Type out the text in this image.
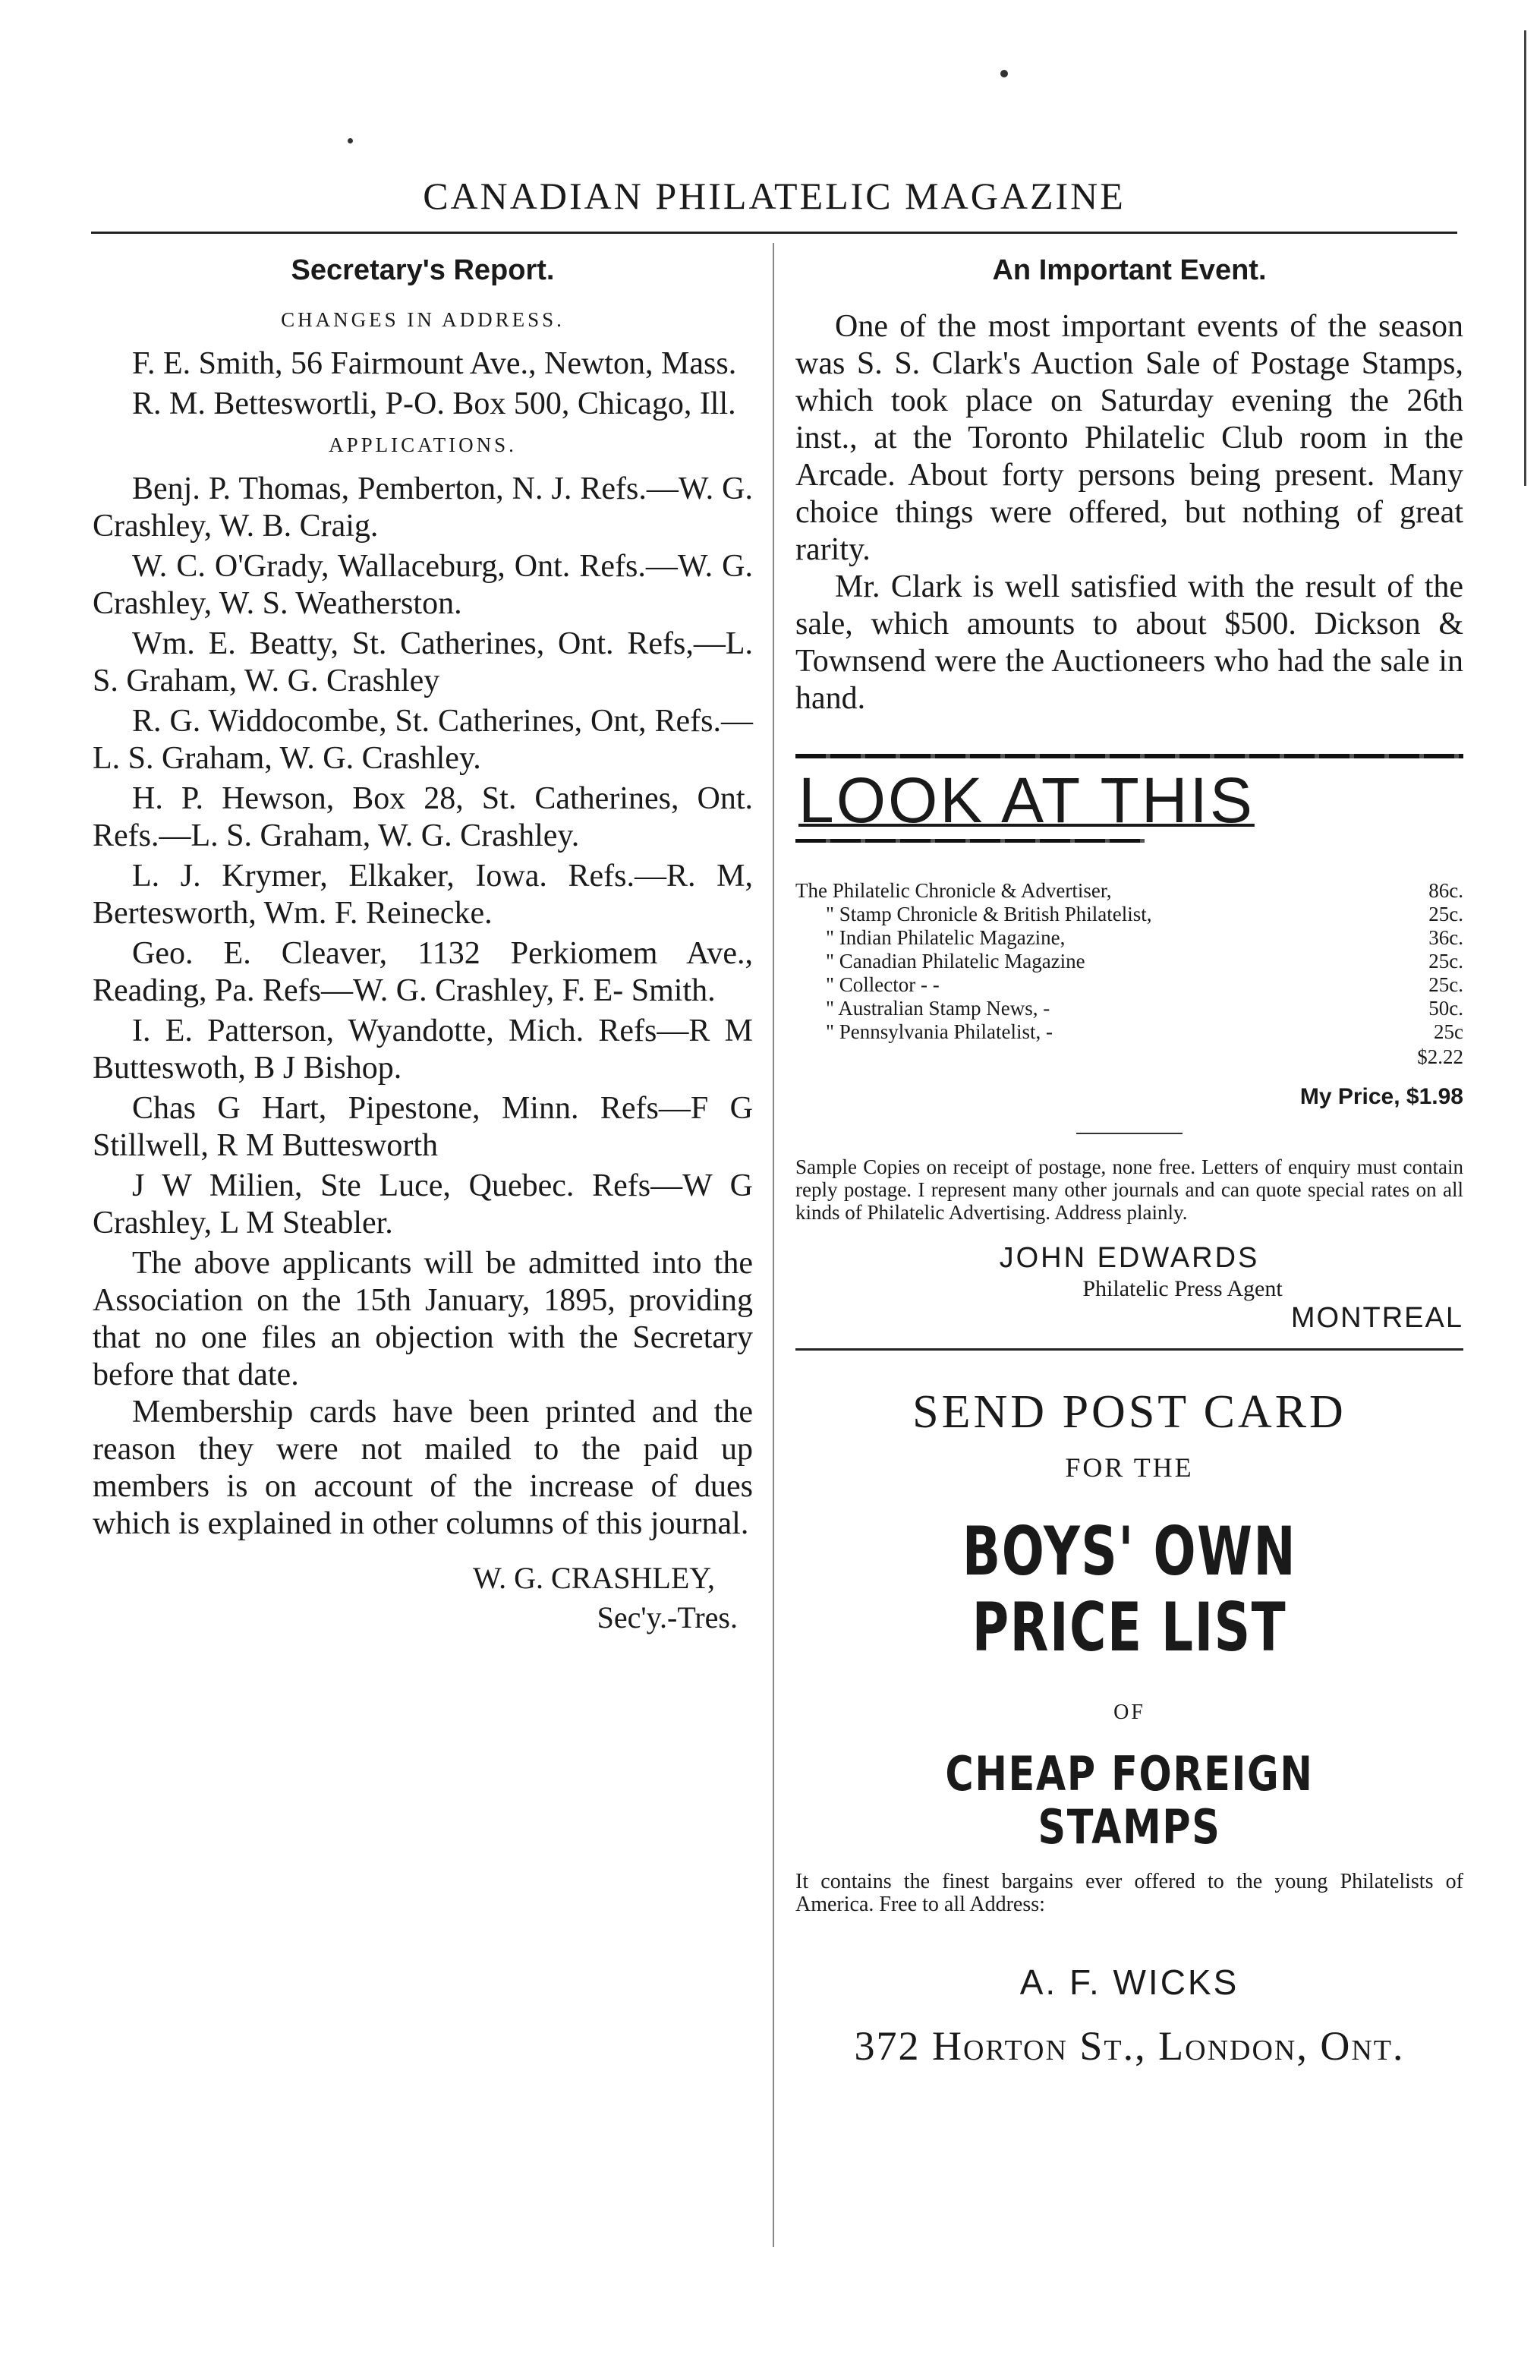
CANADIAN PHILATELIC MAGAZINE
Secretary's Report.
CHANGES IN ADDRESS.

F. E. Smith, 56 Fairmount Ave., Newton, Mass.

R. M. Betteswortli, P-O. Box 500, Chicago, Ill.

APPLICATIONS.

Benj. P. Thomas, Pemberton, N. J. Refs.—W. G. Crashley, W. B. Craig.

W. C. O'Grady, Wallaceburg, Ont. Refs.—W. G. Crashley, W. S. Weatherston.

Wm. E. Beatty, St. Catherines, Ont. Refs,—L. S. Graham, W. G. Crashley

R. G. Widdocombe, St. Catherines, Ont, Refs.—L. S. Graham, W. G. Crashley.

H. P. Hewson, Box 28, St. Catherines, Ont. Refs.—L. S. Graham, W. G. Crashley.

L. J. Krymer, Elkaker, Iowa. Refs.—R. M, Bertesworth, Wm. F. Reinecke.

Geo. E. Cleaver, 1132 Perkiomem Ave., Reading, Pa. Refs—W. G. Crashley, F. E- Smith.

I. E. Patterson, Wyandotte, Mich. Refs—R M Butteswoth, B J Bishop.

Chas G Hart, Pipestone, Minn. Refs—F G Stillwell, R M Buttesworth

J W Milien, Ste Luce, Quebec. Refs—W G Crashley, L M Steabler.

The above applicants will be admitted into the Association on the 15th January, 1895, providing that no one files an objection with the Secretary before that date.

Membership cards have been printed and the reason they were not mailed to the paid up members is on account of the increase of dues which is explained in other columns of this journal.

W. G. CRASHLEY,
Sec'y.-Tres.
An Important Event.

One of the most important events of the season was S. S. Clark's Auction Sale of Postage Stamps, which took place on Saturday evening the 26th inst., at the Toronto Philatelic Club room in the Arcade. About forty persons being present. Many choice things were offered, but nothing of great rarity.

Mr. Clark is well satisfied with the result of the sale, which amounts to about $500. Dickson & Townsend were the Auctioneers who had the sale in hand.

LOOK AT THIS
The Philatelic Chronicle & Advertiser,	86c.
" Stamp Chronicle & British Philatelist,	25c.
" Indian Philatelic Magazine,	36c.
" Canadian Philatelic Magazine	25c.
" Collector - -	25c.
" Australian Stamp News, -	50c.
" Pennsylvania Philatelist, -	25c
$2.22
My Price, $1.98

Sample Copies on receipt of postage, none free. Letters of enquiry must contain reply postage. I represent many other journals and can quote special rates on all kinds of Philatelic Advertising. Address plainly.

JOHN EDWARDS
Philatelic Press Agent
MONTREAL
SEND POST CARD
FOR THE
BOYS' OWN PRICE LIST
OF
CHEAP FOREIGN STAMPS

It contains the finest bargains ever offered to the young Philatelists of America. Free to all Address:

A. F. WICKS
372 Horton St., London, Ont.
